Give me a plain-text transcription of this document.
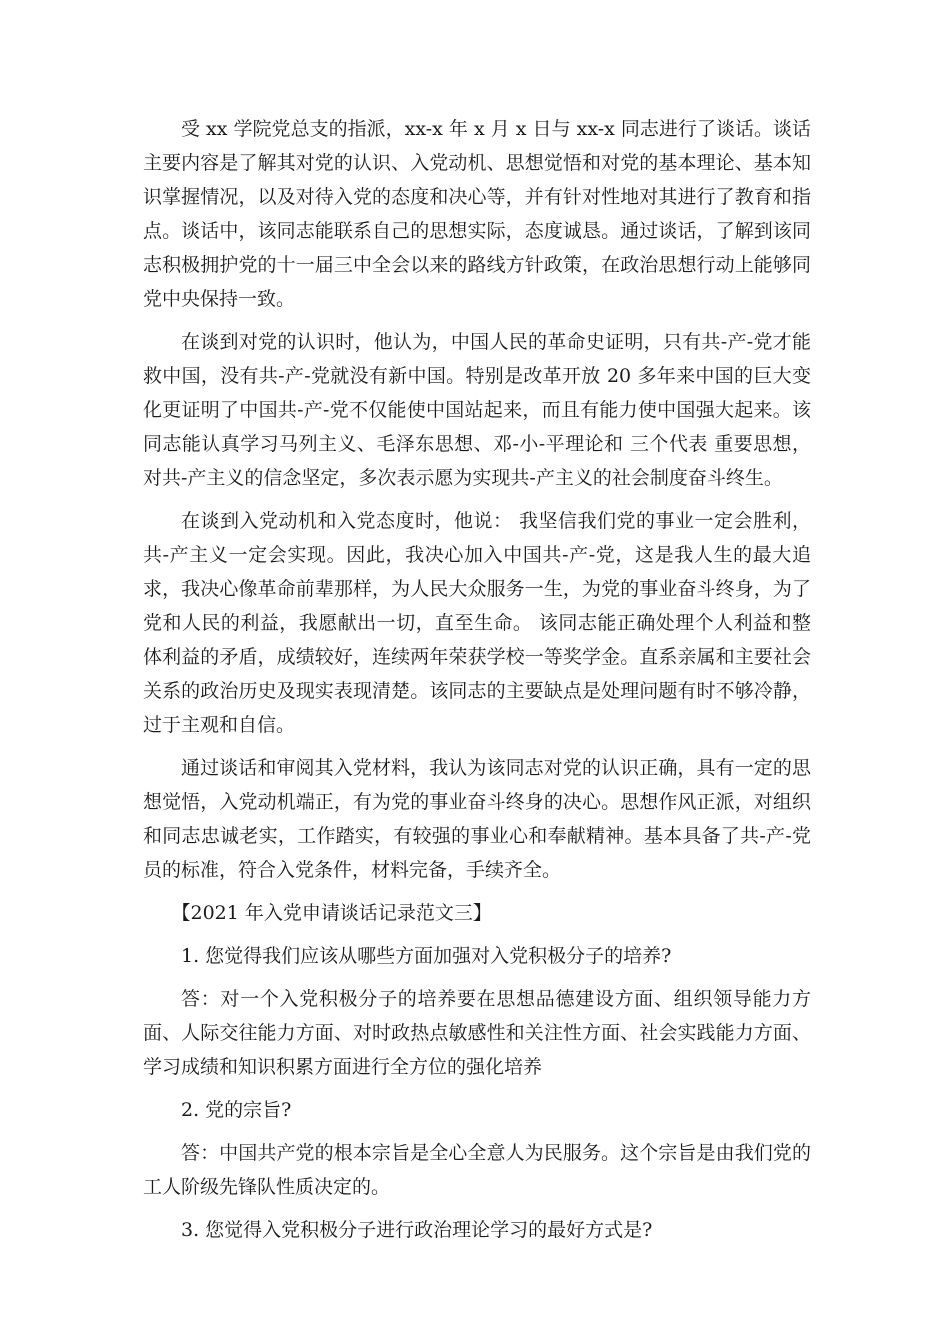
受 xx 学院党总支的指派，xx-x 年 x 月 x 日与 xx-x 同志进行了谈话。谈话主要内容是了解其对党的认识、入党动机、思想觉悟和对党的基本理论、基本知识掌握情况，以及对待入党的态度和决心等，并有针对性地对其进行了教育和指点。谈话中，该同志能联系自己的思想实际，态度诚恳。通过谈话，了解到该同志积极拥护党的十一届三中全会以来的路线方针政策，在政治思想行动上能够同党中央保持一致。

在谈到对党的认识时，他认为，中国人民的革命史证明，只有共-产-党才能救中国，没有共-产-党就没有新中国。特别是改革开放 20 多年来中国的巨大变化更证明了中国共-产-党不仅能使中国站起来，而且有能力使中国强大起来。该同志能认真学习马列主义、毛泽东思想、邓-小-平理论和 三个代表 重要思想，对共-产主义的信念坚定，多次表示愿为实现共-产主义的社会制度奋斗终生。

在谈到入党动机和入党态度时，他说： 我坚信我们党的事业一定会胜利，共-产主义一定会实现。因此，我决心加入中国共-产-党，这是我人生的最大追求，我决心像革命前辈那样，为人民大众服务一生，为党的事业奋斗终身，为了党和人民的利益，我愿献出一切，直至生命。 该同志能正确处理个人利益和整体利益的矛盾，成绩较好，连续两年荣获学校一等奖学金。直系亲属和主要社会关系的政治历史及现实表现清楚。该同志的主要缺点是处理问题有时不够冷静，过于主观和自信。

通过谈话和审阅其入党材料，我认为该同志对党的认识正确，具有一定的思想觉悟，入党动机端正，有为党的事业奋斗终身的决心。思想作风正派，对组织和同志忠诚老实，工作踏实，有较强的事业心和奉献精神。基本具备了共-产-党员的标准，符合入党条件，材料完备，手续齐全。

【2021 年入党申请谈话记录范文三】

1. 您觉得我们应该从哪些方面加强对入党积极分子的培养?

答：对一个入党积极分子的培养要在思想品德建设方面、组织领导能力方面、人际交往能力方面、对时政热点敏感性和关注性方面、社会实践能力方面、学习成绩和知识积累方面进行全方位的强化培养

2. 党的宗旨?

答：中国共产党的根本宗旨是全心全意人为民服务。这个宗旨是由我们党的工人阶级先锋队性质决定的。

3. 您觉得入党积极分子进行政治理论学习的最好方式是?
